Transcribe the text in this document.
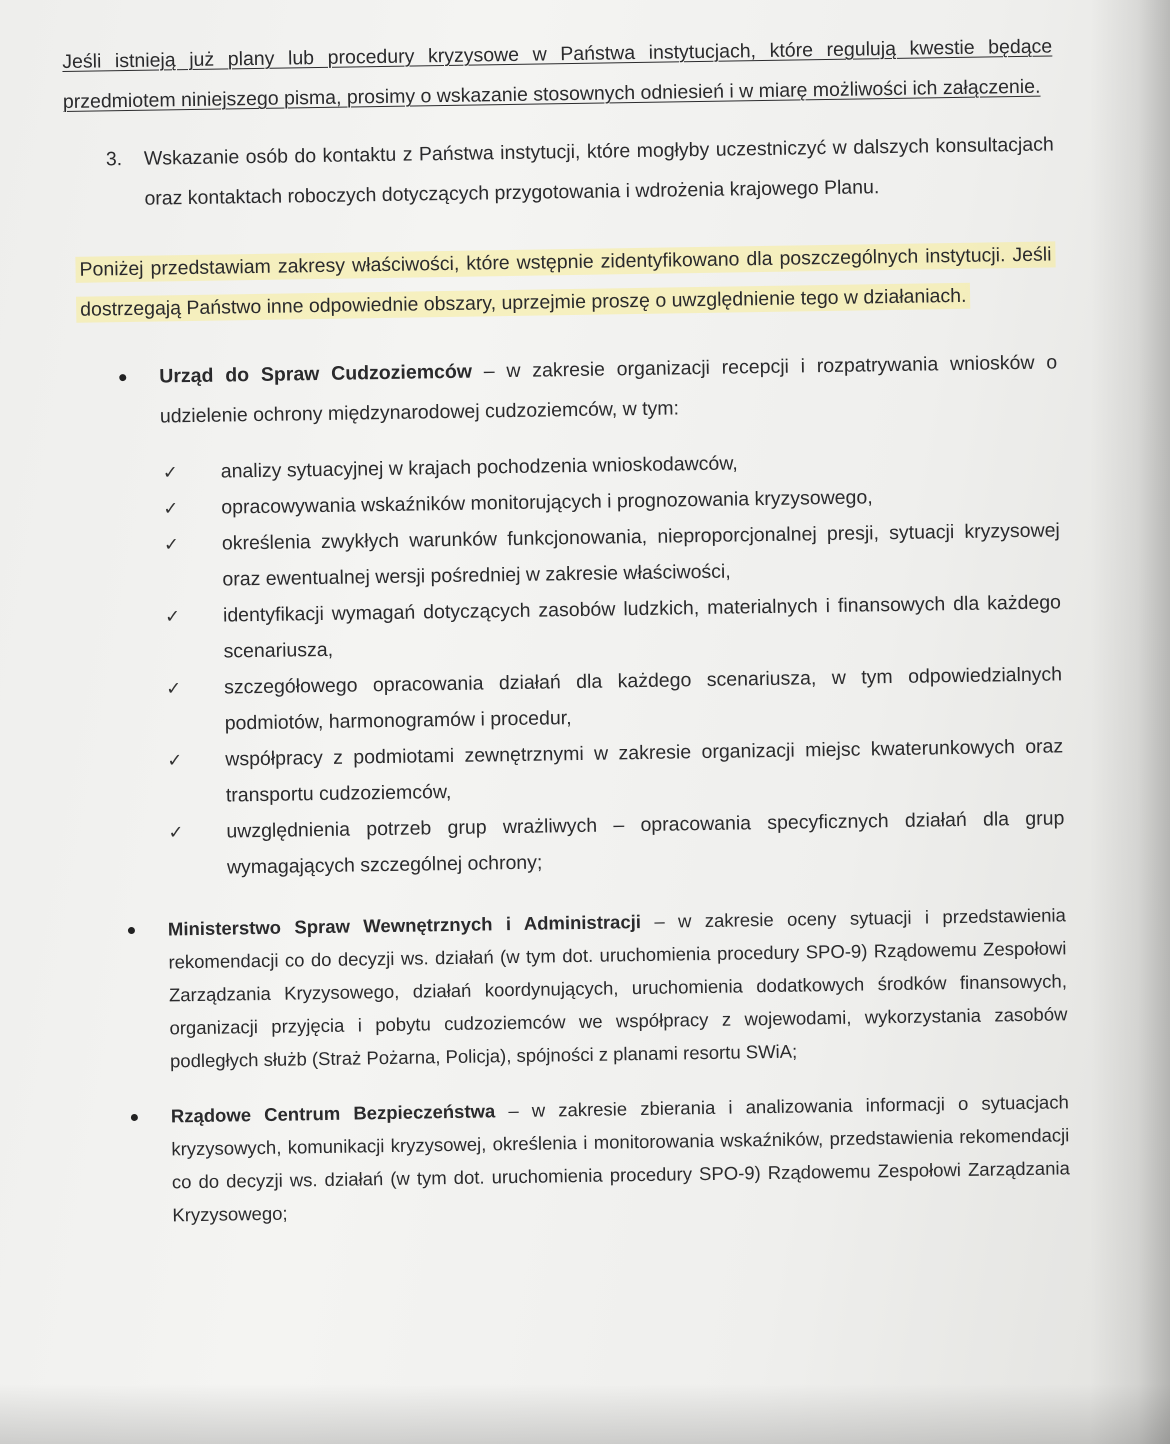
Jeśli istnieją już plany lub procedury kryzysowe w Państwa instytucjach, które regulują kwestie będące przedmiotem niniejszego pisma, prosimy o wskazanie stosownych odniesień i w miarę możliwości ich załączenie.

3. Wskazanie osób do kontaktu z Państwa instytucji, które mogłyby uczestniczyć w dalszych konsultacjach oraz kontaktach roboczych dotyczących przygotowania i wdrożenia krajowego Planu.

Poniżej przedstawiam zakresy właściwości, które wstępnie zidentyfikowano dla poszczególnych instytucji. Jeśli dostrzegają Państwo inne odpowiednie obszary, uprzejmie proszę o uwzględnienie tego w działaniach.

Urząd do Spraw Cudzoziemców – w zakresie organizacji recepcji i rozpatrywania wniosków o udzielenie ochrony międzynarodowej cudzoziemców, w tym:

✓ analizy sytuacyjnej w krajach pochodzenia wnioskodawców,

✓ opracowywania wskaźników monitorujących i prognozowania kryzysowego,

✓ określenia zwykłych warunków funkcjonowania, nieproporcjonalnej presji, sytuacji kryzysowej oraz ewentualnej wersji pośredniej w zakresie właściwości,

✓ identyfikacji wymagań dotyczących zasobów ludzkich, materialnych i finansowych dla każdego scenariusza,

✓ szczegółowego opracowania działań dla każdego scenariusza, w tym odpowiedzialnych podmiotów, harmonogramów i procedur,

✓ współpracy z podmiotami zewnętrznymi w zakresie organizacji miejsc kwaterunkowych oraz transportu cudzoziemców,

✓ uwzględnienia potrzeb grup wrażliwych – opracowania specyficznych działań dla grup wymagających szczególnej ochrony;

Ministerstwo Spraw Wewnętrznych i Administracji – w zakresie oceny sytuacji i przedstawienia rekomendacji co do decyzji ws. działań (w tym dot. uruchomienia procedury SPO-9) Rządowemu Zespołowi Zarządzania Kryzysowego, działań koordynujących, uruchomienia dodatkowych środków finansowych, organizacji przyjęcia i pobytu cudzoziemców we współpracy z wojewodami, wykorzystania zasobów podległych służb (Straż Pożarna, Policja), spójności z planami resortu SWiA;

Rządowe Centrum Bezpieczeństwa – w zakresie zbierania i analizowania informacji o sytuacjach kryzysowych, komunikacji kryzysowej, określenia i monitorowania wskaźników, przedstawienia rekomendacji co do decyzji ws. działań (w tym dot. uruchomienia procedury SPO-9) Rządowemu Zespołowi Zarządzania Kryzysowego;
